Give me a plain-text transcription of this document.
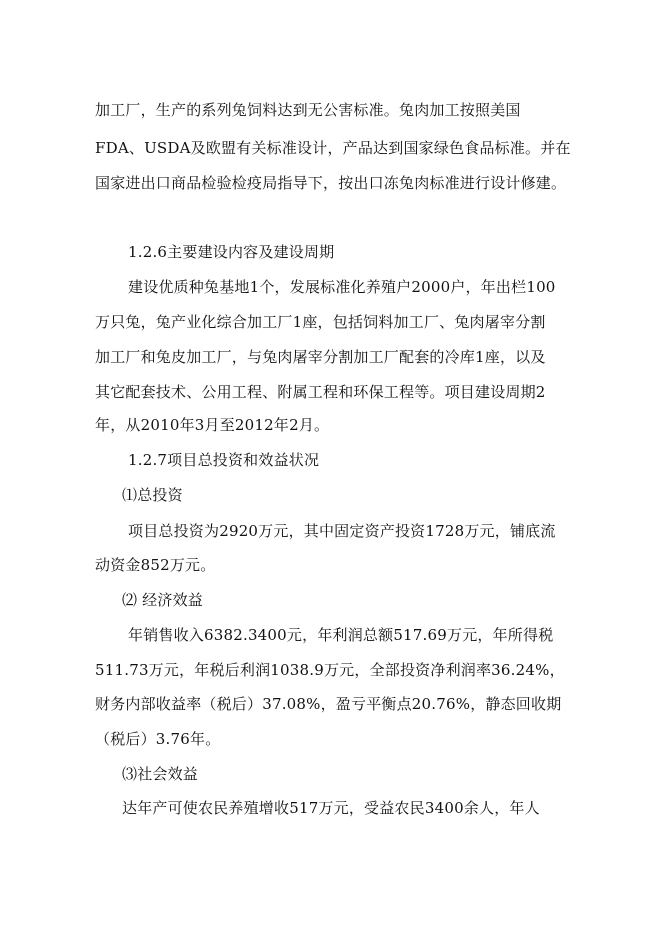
加工厂，生产的系列兔饲料达到无公害标准。兔肉加工按照美国
FDA、USDA及欧盟有关标准设计，产品达到国家绿色食品标准。并在
国家进出口商品检验检疫局指导下，按出口冻兔肉标准进行设计修建。
1.2.6主要建设内容及建设周期
建设优质种兔基地1个，发展标准化养殖户2000户，年出栏100
万只兔，兔产业化综合加工厂1座，包括饲料加工厂、兔肉屠宰分割
加工厂和兔皮加工厂，与兔肉屠宰分割加工厂配套的冷库1座，以及
其它配套技术、公用工程、附属工程和环保工程等。项目建设周期2
年，从2010年3月至2012年2月。
1.2.7项目总投资和效益状况
⑴总投资
项目总投资为2920万元，其中固定资产投资1728万元，铺底流
动资金852万元。
⑵ 经济效益
年销售收入6382.3400元，年利润总额517.69万元，年所得税
511.73万元，年税后利润1038.9万元，全部投资净利润率36.24%，
财务内部收益率（税后）37.08%，盈亏平衡点20.76%，静态回收期
（税后）3.76年。
⑶社会效益
达年产可使农民养殖增收517万元，受益农民3400余人，年人
